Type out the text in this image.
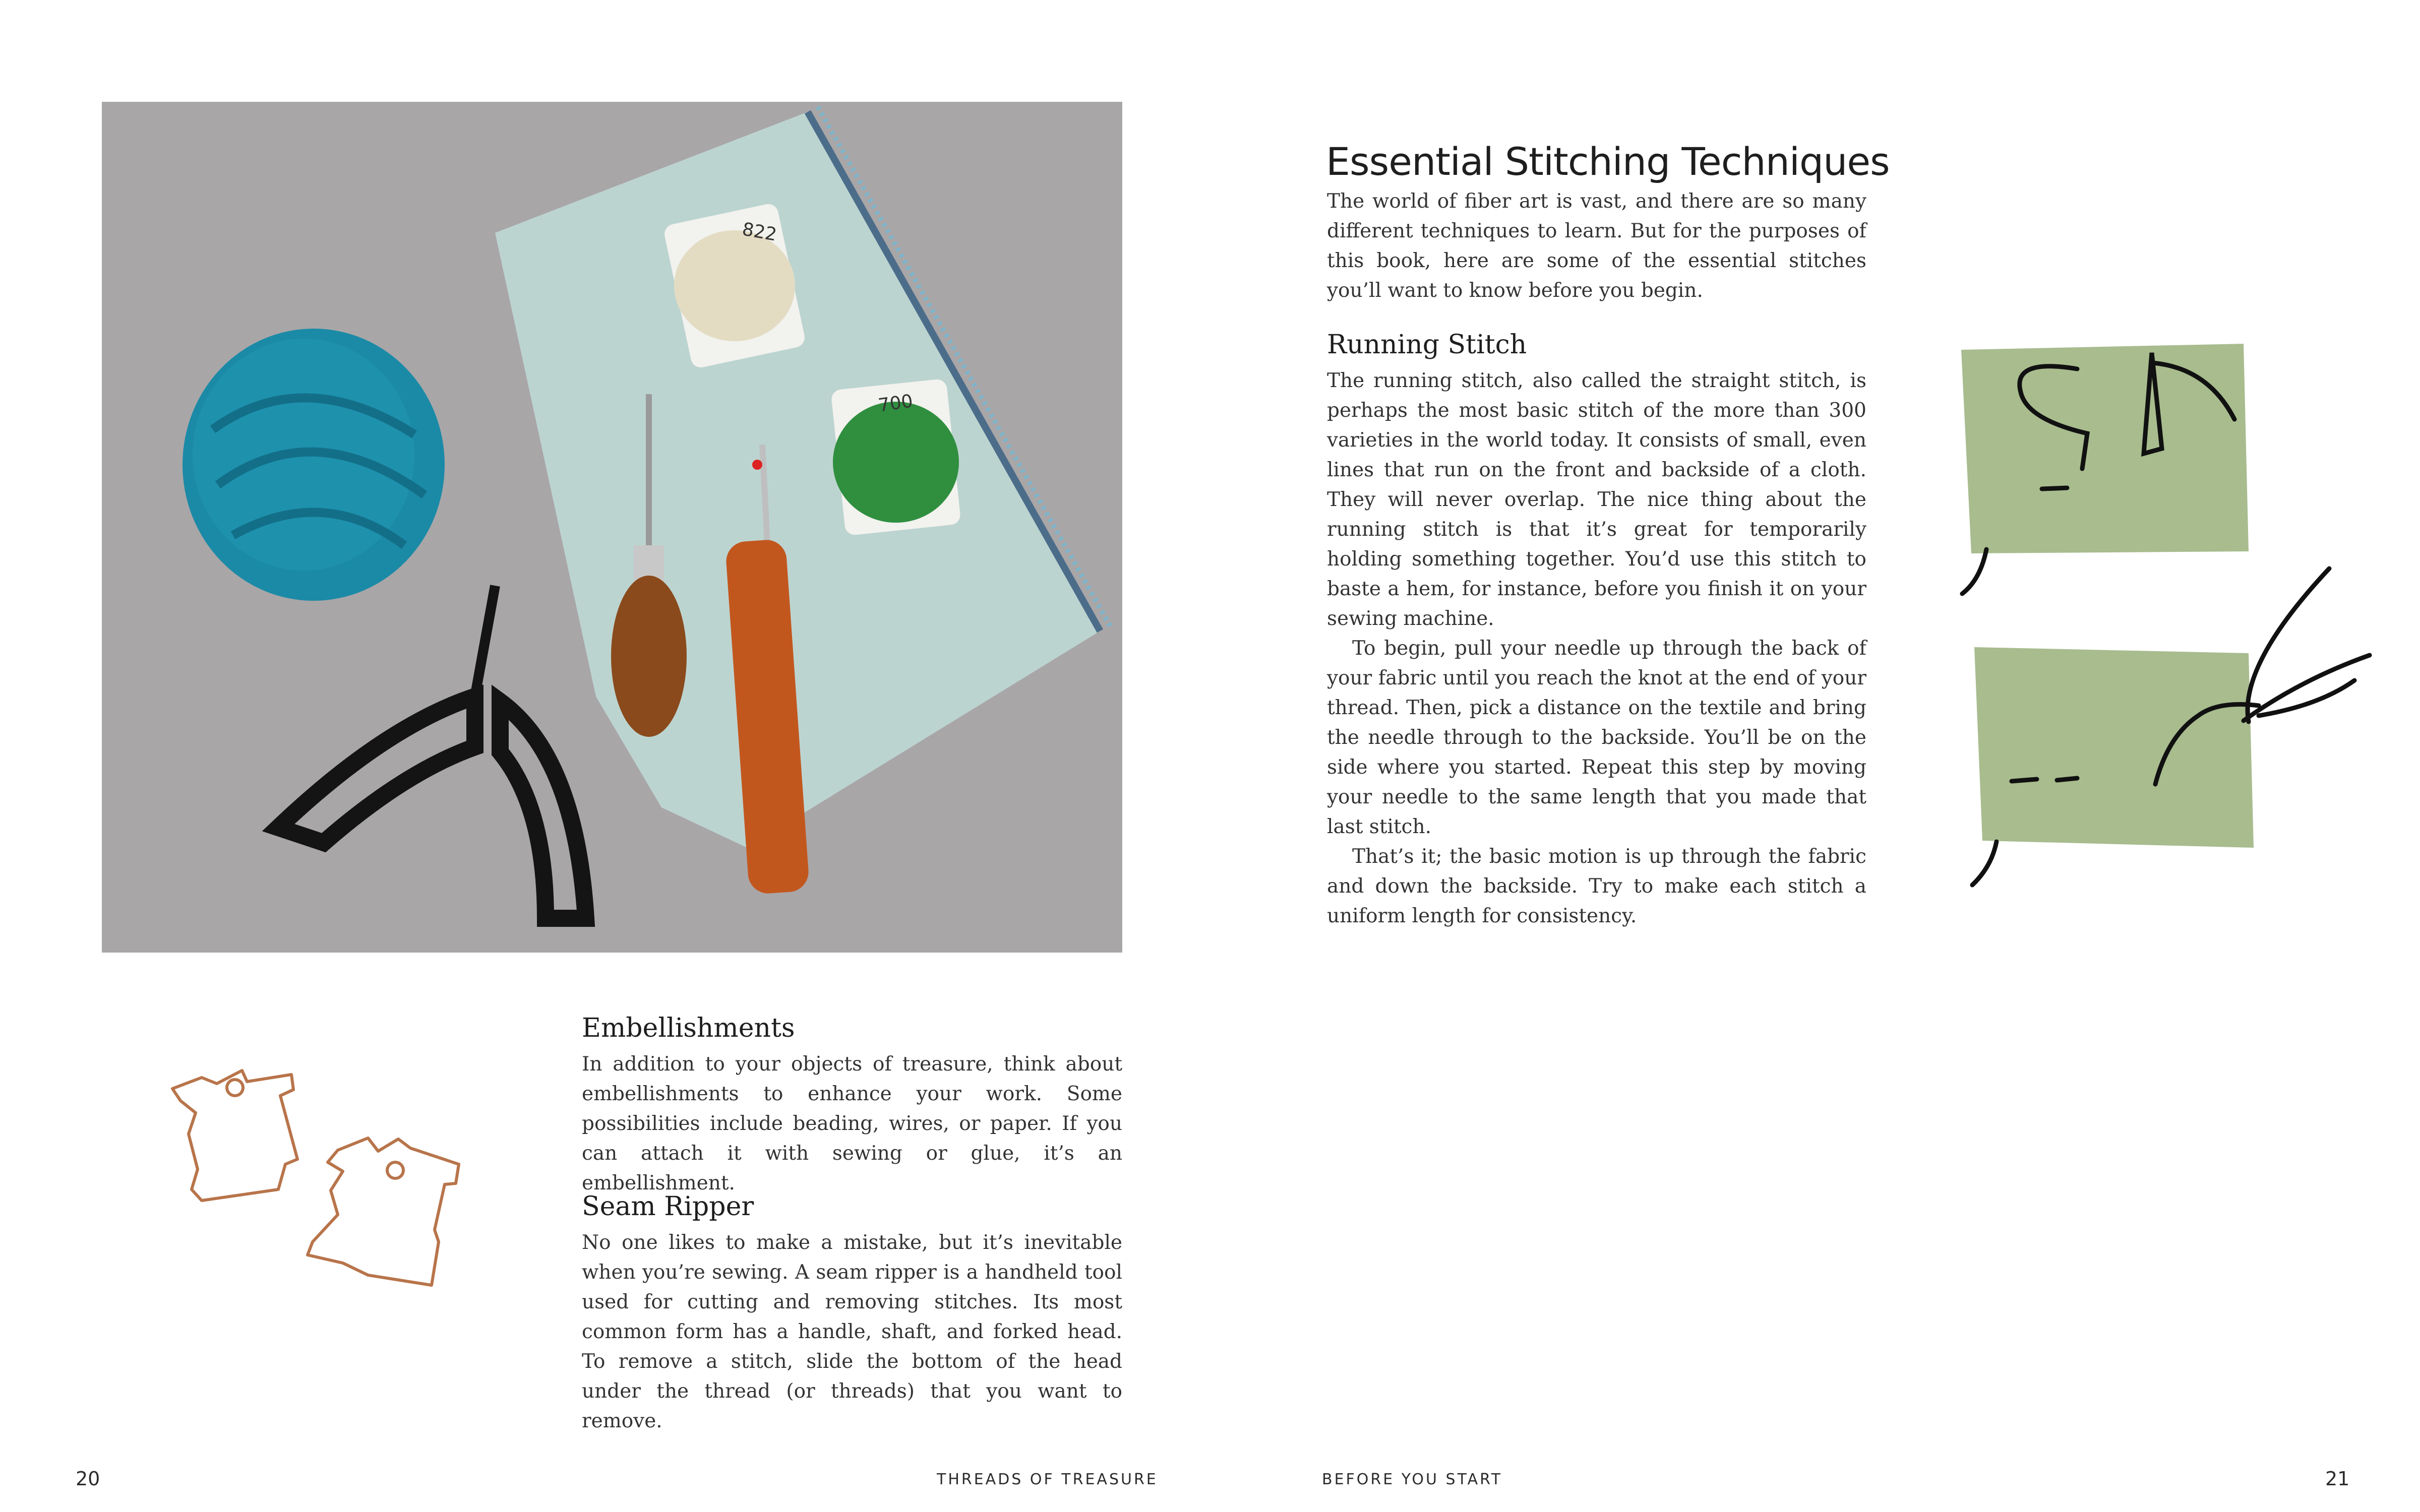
822
700
Embellishments

In addition to your objects of treasure, think about embellishments to enhance your work. Some possibilities include beading, wires, or paper. If you can attach it with sewing or glue, it’s an embellishment.

Seam Ripper

No one likes to make a mistake, but it’s inevitable when you’re sewing. A seam ripper is a handheld tool used for cutting and removing stitches. Its most common form has a handle, shaft, and forked head. To remove a stitch, slide the bottom of the head under the thread (or threads) that you want to remove.

20	THREADS OF TREASURE
Essential Stitching Techniques

The world of fiber art is vast, and there are so many different techniques to learn. But for the purposes of this book, here are some of the essential stitches you’ll want to know before you begin.

Running Stitch

The running stitch, also called the straight stitch, is perhaps the most basic stitch of the more than 300 varieties in the world today. It consists of small, even lines that run on the front and backside of a cloth. They will never overlap. The nice thing about the running stitch is that it’s great for temporarily holding something together. You’d use this stitch to baste a hem, for instance, before you finish it on your sewing machine.

To begin, pull your needle up through the back of your fabric until you reach the knot at the end of your thread. Then, pick a distance on the textile and bring the needle through to the backside. You’ll be on the side where you started. Repeat this step by moving your needle to the same length that you made that last stitch.

That’s it; the basic motion is up through the fabric and down the backside. Try to make each stitch a uniform length for consistency.

BEFORE YOU START	21
